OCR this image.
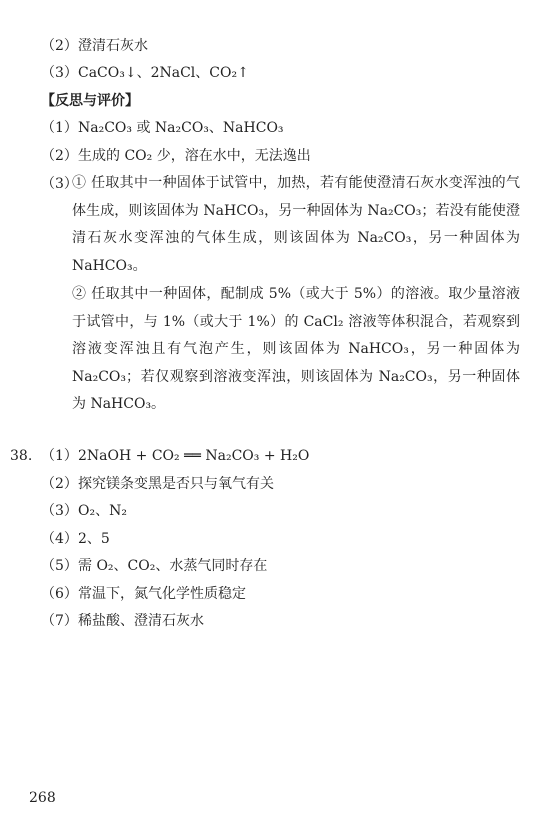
（2） 澄清石灰水
（3） CaCO₃↓、2NaCl、CO₂↑
【反思与评价】
（1） Na₂CO₃ 或 Na₂CO₃、NaHCO₃
（2） 生成的 CO₂ 少，溶在水中，无法逸出
（3）
① 任取其中一种固体于试管中，加热，若有能使澄清石灰水变浑浊的气体生成，则该固体为 NaHCO₃，另一种固体为 Na₂CO₃；若没有能使澄清石灰水变浑浊的气体生成，则该固体为 Na₂CO₃，另一种固体为NaHCO₃。
② 任取其中一种固体，配制成 5%（或大于 5%）的溶液。取少量溶液于试管中，与 1%（或大于 1%）的 CaCl₂ 溶液等体积混合，若观察到溶液变浑浊且有气泡产生，则该固体为 NaHCO₃，另一种固体为 Na₂CO₃；若仅观察到溶液变浑浊，则该固体为 Na₂CO₃，另一种固体为 NaHCO₃。
38. （1） 2NaOH + CO₂ ══ Na₂CO₃ + H₂O
（2） 探究镁条变黑是否只与氧气有关
（3） O₂、N₂
（4） 2、5
（5） 需 O₂、CO₂、水蒸气同时存在
（6） 常温下，氮气化学性质稳定
（7） 稀盐酸、澄清石灰水
268
